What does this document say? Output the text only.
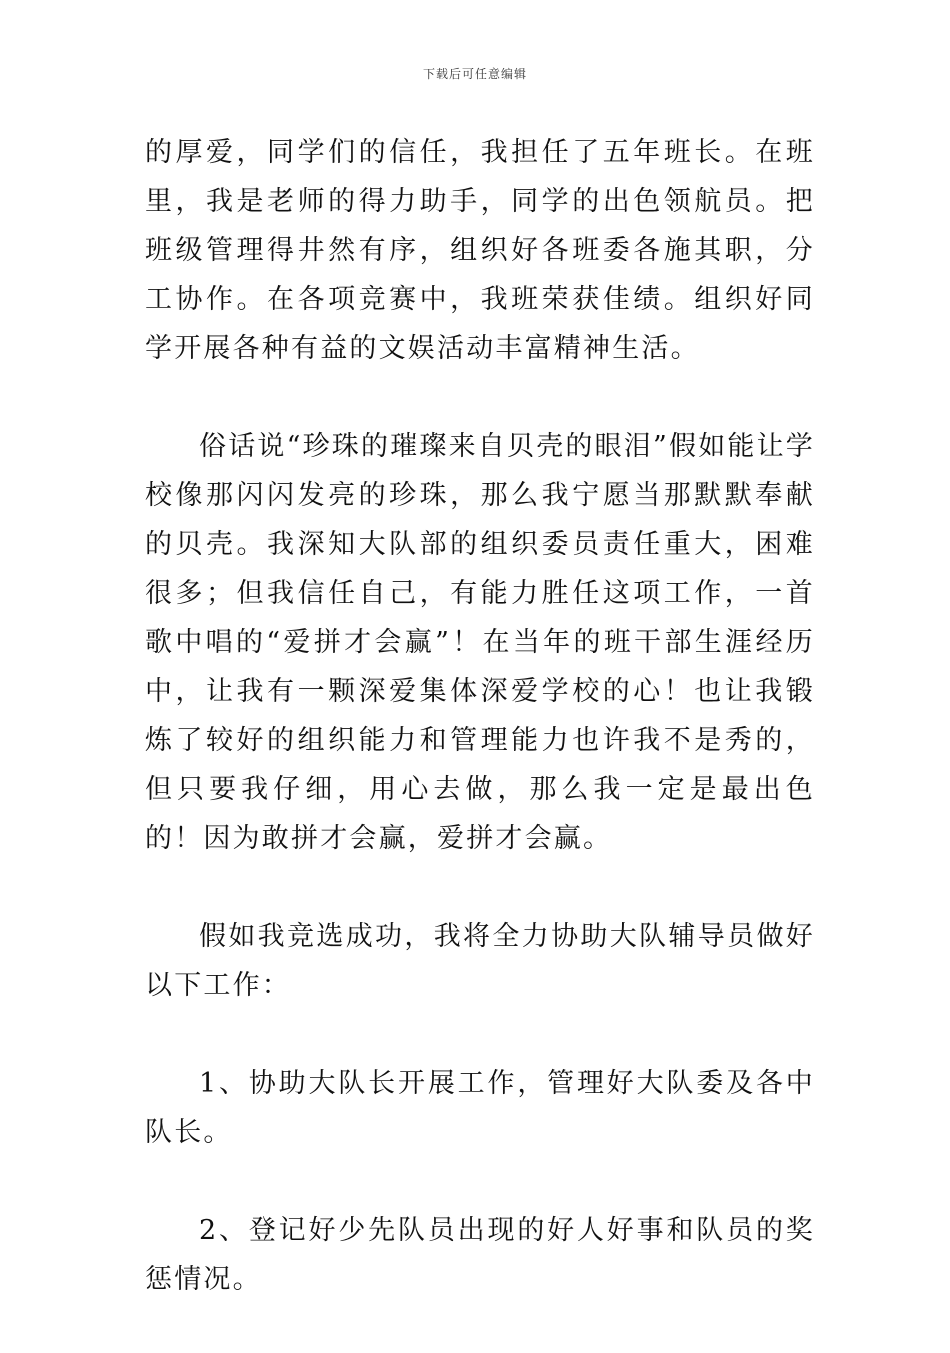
下载后可任意编辑

的厚爱，同学们的信任，我担任了五年班长。在班里，我是老师的得力助手，同学的出色领航员。把班级管理得井然有序，组织好各班委各施其职，分工协作。在各项竞赛中，我班荣获佳绩。组织好同学开展各种有益的文娱活动丰富精神生活。

俗话说“珍珠的璀璨来自贝壳的眼泪”假如能让学校像那闪闪发亮的珍珠，那么我宁愿当那默默奉献的贝壳。我深知大队部的组织委员责任重大，困难很多；但我信任自己，有能力胜任这项工作，一首歌中唱的“爱拼才会赢”！在当年的班干部生涯经历中，让我有一颗深爱集体深爱学校的心！也让我锻炼了较好的组织能力和管理能力也许我不是秀的，但只要我仔细，用心去做，那么我一定是最出色的！因为敢拼才会赢，爱拼才会赢。

假如我竞选成功，我将全力协助大队辅导员做好以下工作：

1、协助大队长开展工作，管理好大队委及各中队长。

2、登记好少先队员出现的好人好事和队员的奖惩情况。
